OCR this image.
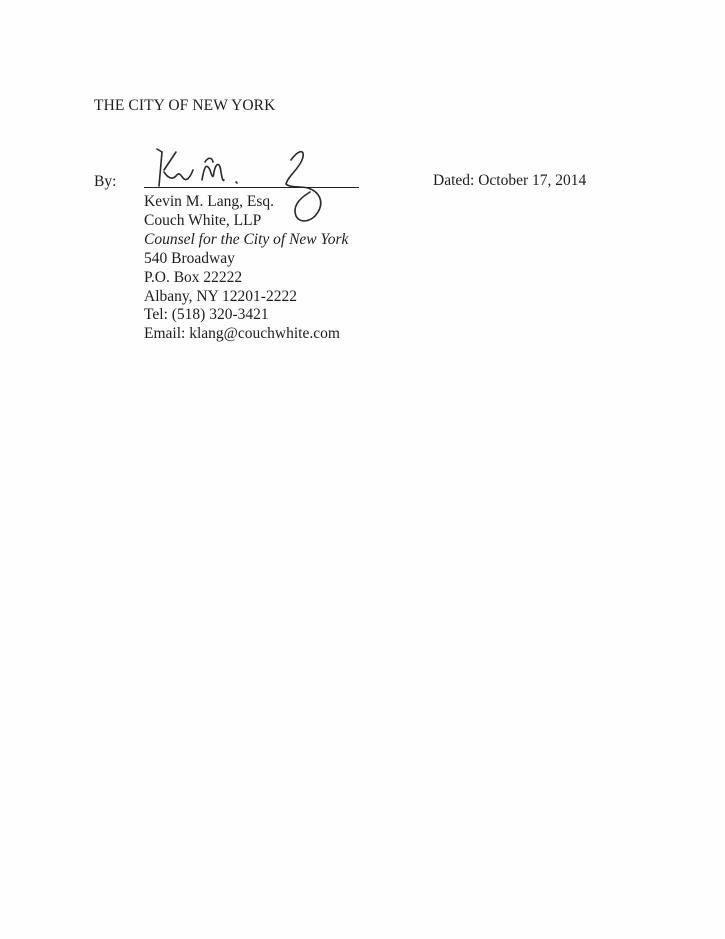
THE CITY OF NEW YORK
By:	Dated: October 17, 2014
Kevin M. Lang, Esq.
Couch White, LLP
Counsel for the City of New York
540 Broadway
P.O. Box 22222
Albany, NY 12201-2222
Tel: (518) 320-3421
Email: klang@couchwhite.com
